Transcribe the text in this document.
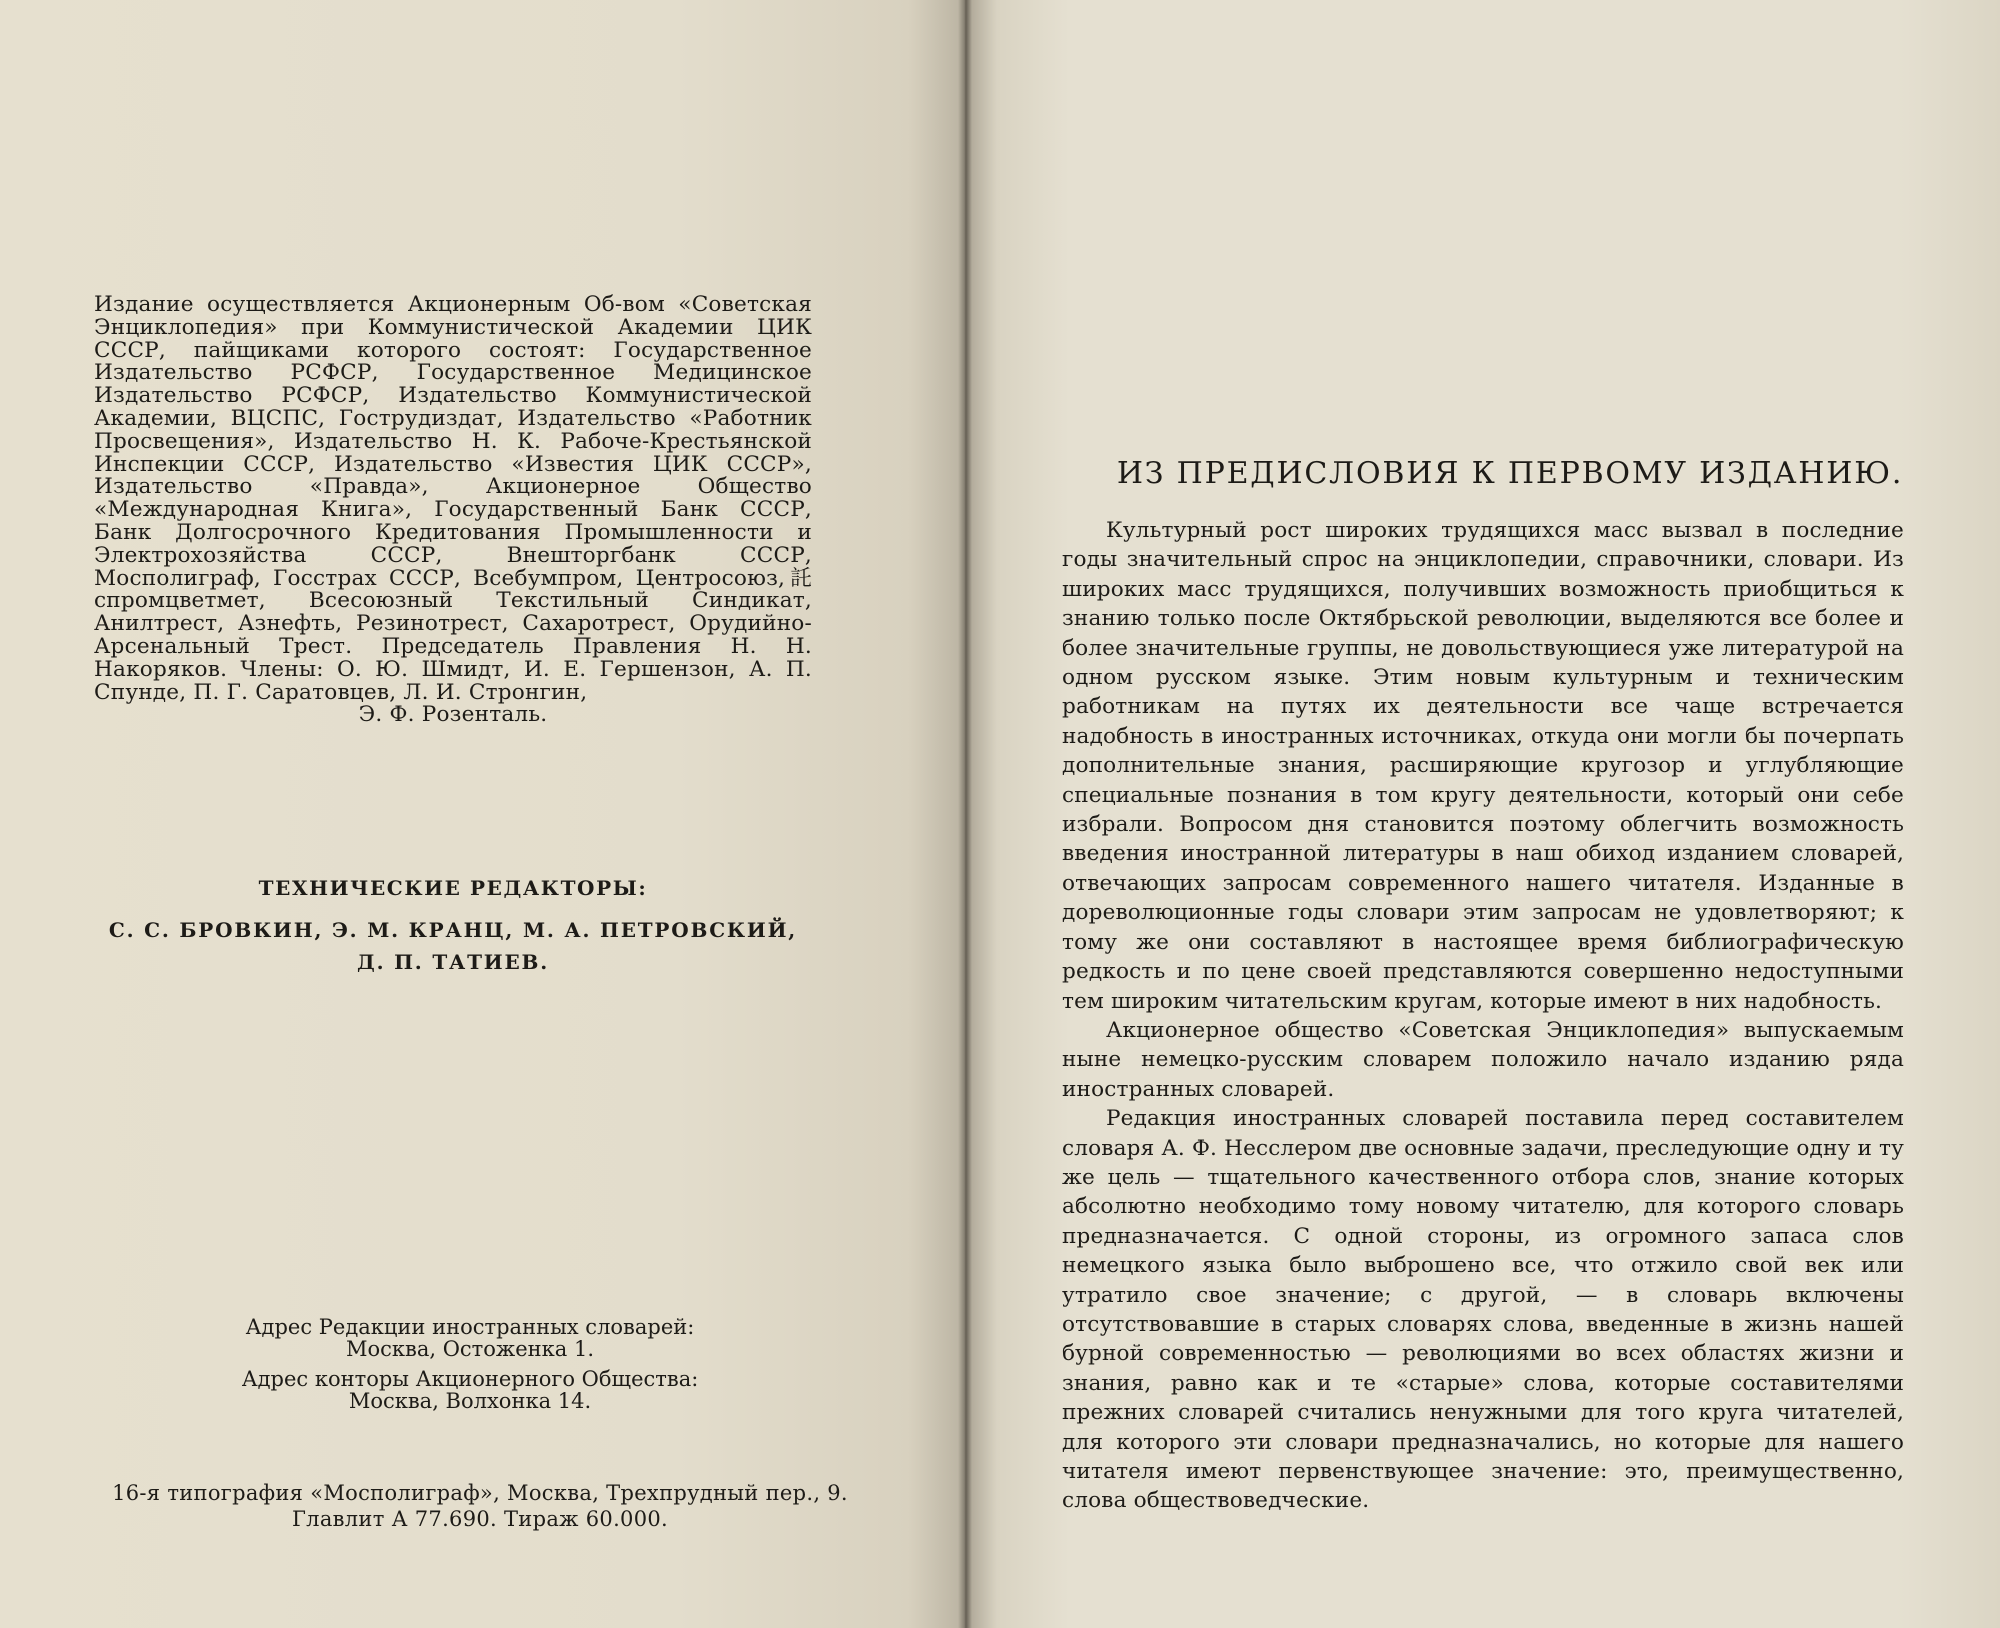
Издание осуществляется Акционерным Об-вом «Советская Энциклопедия» при Коммунистической Академии ЦИК СССР, пайщиками которого состоят: Государственное Издательство РСФСР, Государственное Медицинское Издательство РСФСР, Издательство Коммунистической Академии, ВЦСПС, Гострудиздат, Издательство «Работник Просвещения», Издательство Н. К. Рабоче-Крестьянской Инспекции СССР, Издательство «Известия ЦИК СССР», Издательство «Правда», Акционерное Общество «Международная Книга», Государственный Банк СССР, Банк Долгосрочного Кредитования Промышленности и Электрохозяйства СССР, Внешторгбанк СССР, Мосполиграф, Госстрах СССР, Всебумпром, Центросоюз,託спромцветмет, Всесоюзный Текстильный Синдикат, Анилтрест, Азнефть, Резинотрест, Сахаротрест, Орудийно-Арсенальный Трест. Председатель Правления Н. Н. Накоряков. Члены: О. Ю. Шмидт, И. Е. Гершензон, А. П. Спунде, П. Г. Саратовцев, Л. И. Стронгин,
Э. Ф. Розенталь.
ТЕХНИЧЕСКИЕ РЕДАКТОРЫ:
С. С. БРОВКИН, Э. М. КРАНЦ, М. А. ПЕТРОВСКИЙ,
Д. П. ТАТИЕВ.

Адрес Редакции иностранных словарей:

Москва, Остоженка 1.

Адрес конторы Акционерного Общества:

Москва, Волхонка 14.

16-я типография «Мосполиграф», Москва, Трехпрудный пер., 9.

Главлит А 77.690. Тираж 60.000.

ИЗ ПРЕДИСЛОВИЯ К ПЕРВОМУ ИЗДАНИЮ.

Культурный рост широких трудящихся масс вызвал в последние годы значительный спрос на энциклопедии, справочники, словари. Из широких масс трудящихся, получивших возможность приобщиться к знанию только после Октябрьской революции, выделяются все более и более значительные группы, не довольствующиеся уже литературой на одном русском языке. Этим новым культурным и техническим работникам на путях их деятельности все чаще встречается надобность в иностранных источниках, откуда они могли бы почерпать дополнительные знания, расширяющие кругозор и углубляющие специальные познания в том кругу деятельности, который они себе избрали. Вопросом дня становится поэтому облегчить возможность введения иностранной литературы в наш обиход изданием словарей, отвечающих запросам современного нашего читателя. Изданные в дореволюционные годы словари этим запросам не удовлетворяют; к тому же они составляют в настоящее время библиографическую редкость и по цене своей представляются совершенно недоступными тем широким читательским кругам, которые имеют в них надобность.

Акционерное общество «Советская Энциклопедия» выпускаемым ныне немецко-русским словарем положило начало изданию ряда иностранных словарей.

Редакция иностранных словарей поставила перед составителем словаря А. Ф. Несслером две основные задачи, преследующие одну и ту же цель — тщательного качественного отбора слов, знание которых абсолютно необходимо тому новому читателю, для которого словарь предназначается. С одной стороны, из огромного запаса слов немецкого языка было выброшено все, что отжило свой век или утратило свое значение; с другой, — в словарь включены отсутствовавшие в старых словарях слова, введенные в жизнь нашей бурной современностью — революциями во всех областях жизни и знания, равно как и те «старые» слова, которые составителями прежних словарей считались ненужными для того круга читателей, для которого эти словари предназначались, но которые для нашего читателя имеют первенствующее значение: это, преимущественно, слова обществоведческие.
